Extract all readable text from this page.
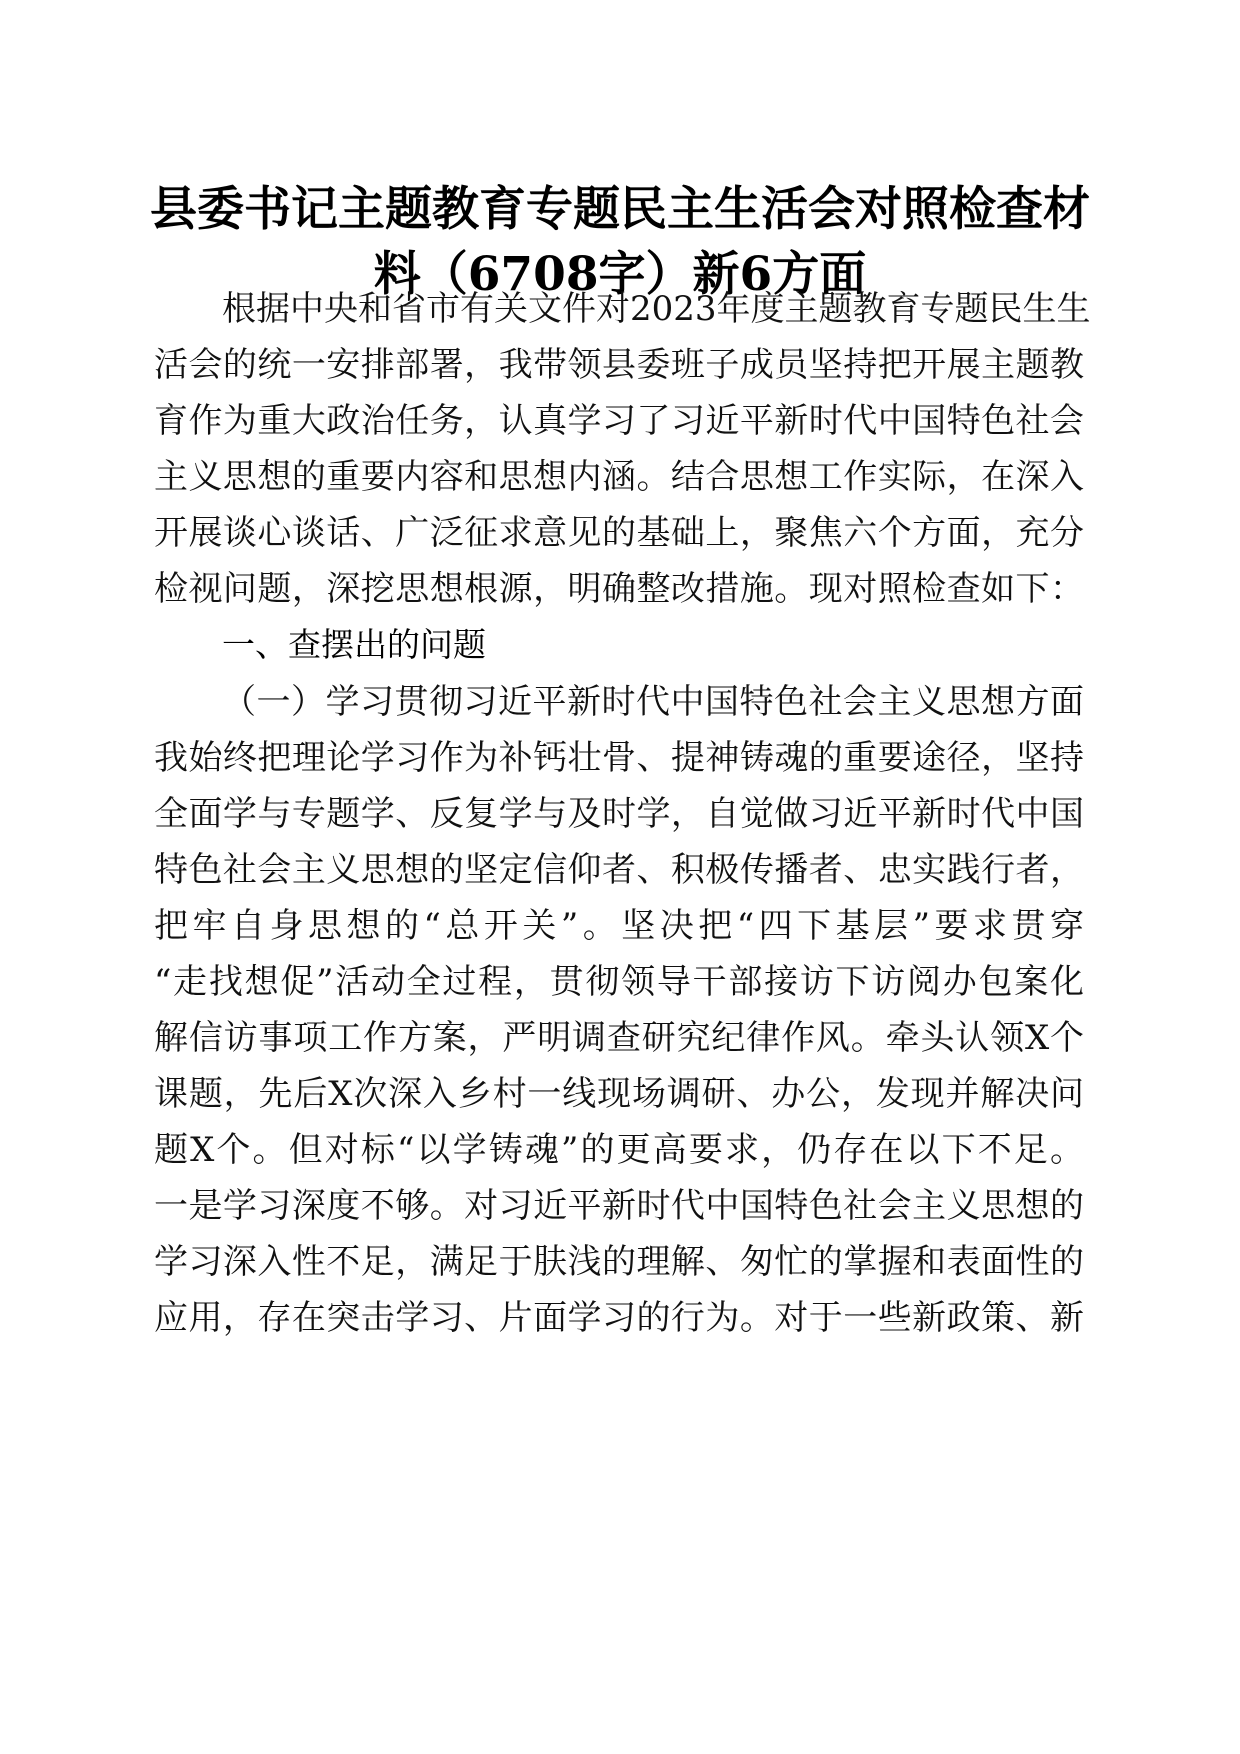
县委书记主题教育专题民主生活会对照检查材
料（6708字）新6方面
根据中央和省市有关文件对2023年度主题教育专题民生生
活会的统一安排部署，我带领县委班子成员坚持把开展主题教
育作为重大政治任务，认真学习了习近平新时代中国特色社会
主义思想的重要内容和思想内涵。结合思想工作实际，在深入
开展谈心谈话、广泛征求意见的基础上，聚焦六个方面，充分
检视问题，深挖思想根源，明确整改措施。现对照检查如下：
一、查摆出的问题
（一）学习贯彻习近平新时代中国特色社会主义思想方面
我始终把理论学习作为补钙壮骨、提神铸魂的重要途径，坚持
全面学与专题学、反复学与及时学，自觉做习近平新时代中国
特色社会主义思想的坚定信仰者、积极传播者、忠实践行者，
把牢自身思想的“总开关”。坚决把“四下基层”要求贯穿
“走找想促”活动全过程，贯彻领导干部接访下访阅办包案化
解信访事项工作方案，严明调查研究纪律作风。牵头认领X个
课题，先后X次深入乡村一线现场调研、办公，发现并解决问
题X个。但对标“以学铸魂”的更高要求，仍存在以下不足。
一是学习深度不够。对习近平新时代中国特色社会主义思想的
学习深入性不足，满足于肤浅的理解、匆忙的掌握和表面性的
应用，存在突击学习、片面学习的行为。对于一些新政策、新
